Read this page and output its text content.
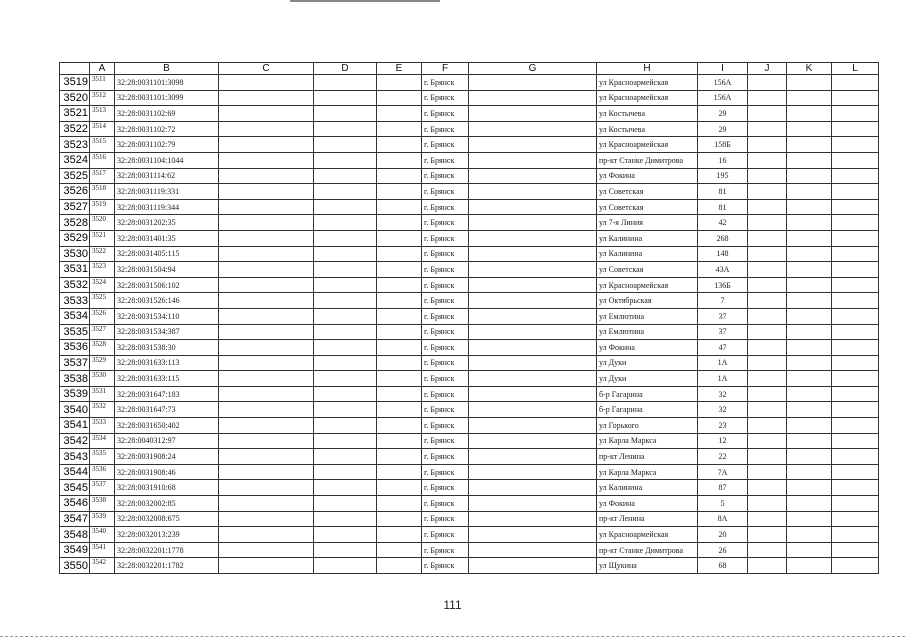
	A	B	C	D	E	F	G	H	I	J	K	L
3519	3511	32:28:0031101:3098				г. Брянск		ул Красноармейская	156А			
3520	3512	32:28:0031101:3099				г. Брянск		ул Красноармейская	156А			
3521	3513	32:28:0031102:69				г. Брянск		ул Костычева	29			
3522	3514	32:28:0031102:72				г. Брянск		ул Костычева	29			
3523	3515	32:28:0031102:79				г. Брянск		ул Красноармейская	158Б			
3524	3516	32:28:0031104:1044				г. Брянск		пр-кт Станке Димитрова	16			
3525	3517	32:28:0031114:62				г. Брянск		ул Фокина	195			
3526	3518	32:28:0031119:331				г. Брянск		ул Советская	81			
3527	3519	32:28:0031119:344				г. Брянск		ул Советская	81			
3528	3520	32:28:0031202:35				г. Брянск		ул 7-я Линия	42			
3529	3521	32:28:0031401:35				г. Брянск		ул Калинина	268			
3530	3522	32:28:0031405:115				г. Брянск		ул Калинина	148			
3531	3523	32:28:0031504:94				г. Брянск		ул Советская	43А			
3532	3524	32:28:0031506:102				г. Брянск		ул Красноармейская	136Б			
3533	3525	32:28:0031526:146				г. Брянск		ул Октябрьская	7			
3534	3526	32:28:0031534:110				г. Брянск		ул Емлютина	37			
3535	3527	32:28:0031534:387				г. Брянск		ул Емлютина	37			
3536	3528	32:28:0031538:30				г. Брянск		ул Фокина	47			
3537	3529	32:28:0031633:113				г. Брянск		ул Дуки	1А			
3538	3530	32:28:0031633:115				г. Брянск		ул Дуки	1А			
3539	3531	32:28:0031647:183				г. Брянск		б-р Гагарина	32			
3540	3532	32:28:0031647:73				г. Брянск		б-р Гагарина	32			
3541	3533	32:28:0031650:402				г. Брянск		ул Горького	23			
3542	3534	32:28:0040312:97				г. Брянск		ул Карла Маркса	12			
3543	3535	32:28:0031908:24				г. Брянск		пр-кт Ленина	22			
3544	3536	32:28:0031908:46				г. Брянск		ул Карла Маркса	7А			
3545	3537	32:28:0031910:68				г. Брянск		ул Калинина	87			
3546	3538	32:28:0032002:85				г. Брянск		ул Фокина	5			
3547	3539	32:28:0032008:675				г. Брянск		пр-кт Ленина	8А			
3548	3540	32:28:0032013:239				г. Брянск		ул Красноармейская	20			
3549	3541	32:28:0032201:1778				г. Брянск		пр-кт Станке Димитрова	26			
3550	3542	32:28:0032201:1782				г. Брянск		ул Щукина	68			
111
